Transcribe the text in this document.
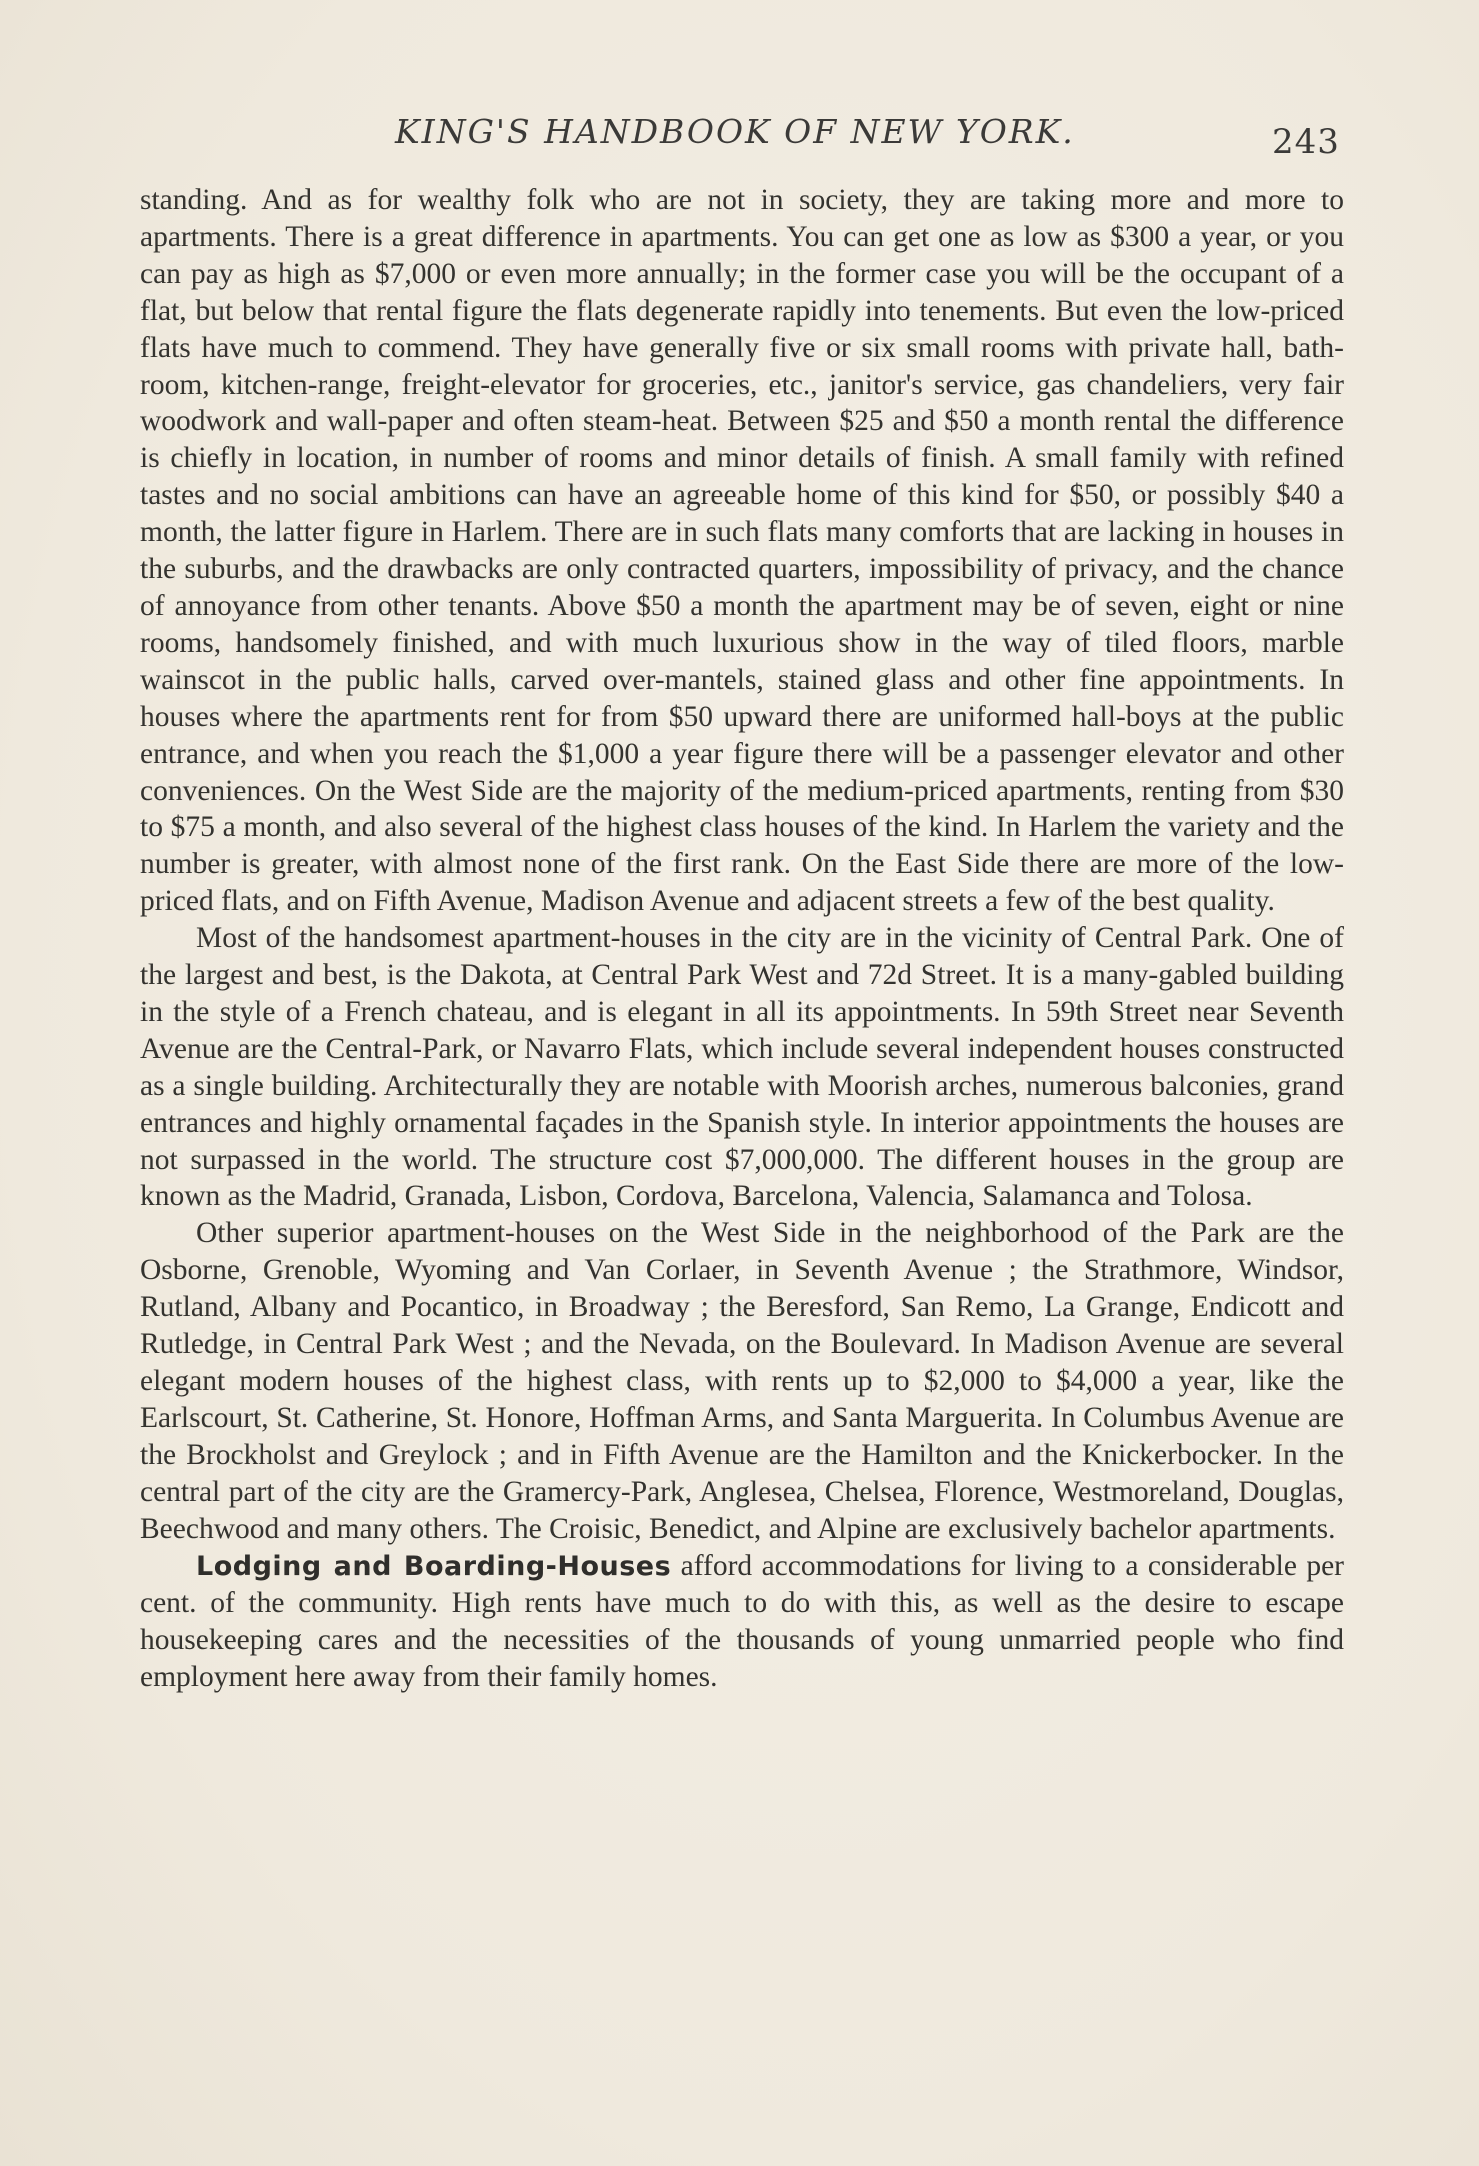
KING'S HANDBOOK OF NEW YORK.	243

standing. And as for wealthy folk who are not in society, they are taking more and more to apartments. There is a great difference in apartments. You can get one as low as $300 a year, or you can pay as high as $7,000 or even more annually; in the former case you will be the occupant of a flat, but below that rental figure the flats degenerate rapidly into tenements. But even the low-priced flats have much to commend. They have generally five or six small rooms with private hall, bath-room, kitchen-range, freight-elevator for groceries, etc., janitor's service, gas chandeliers, very fair woodwork and wall-paper and often steam-heat. Between $25 and $50 a month rental the difference is chiefly in location, in number of rooms and minor details of finish. A small family with refined tastes and no social ambitions can have an agreeable home of this kind for $50, or possibly $40 a month, the latter figure in Harlem. There are in such flats many comforts that are lacking in houses in the suburbs, and the drawbacks are only contracted quarters, impossibility of privacy, and the chance of annoyance from other tenants. Above $50 a month the apartment may be of seven, eight or nine rooms, handsomely finished, and with much luxurious show in the way of tiled floors, marble wainscot in the public halls, carved over-mantels, stained glass and other fine appointments. In houses where the apartments rent for from $50 upward there are uniformed hall-boys at the public entrance, and when you reach the $1,000 a year figure there will be a passenger elevator and other conveniences. On the West Side are the majority of the medium-priced apartments, renting from $30 to $75 a month, and also several of the highest class houses of the kind. In Harlem the variety and the number is greater, with almost none of the first rank. On the East Side there are more of the low-priced flats, and on Fifth Avenue, Madison Avenue and adjacent streets a few of the best quality.

Most of the handsomest apartment-houses in the city are in the vicinity of Central Park. One of the largest and best, is the Dakota, at Central Park West and 72d Street. It is a many-gabled building in the style of a French chateau, and is elegant in all its appointments. In 59th Street near Seventh Avenue are the Central-Park, or Navarro Flats, which include several independent houses constructed as a single building. Architecturally they are notable with Moorish arches, numerous balconies, grand entrances and highly ornamental façades in the Spanish style. In interior appointments the houses are not surpassed in the world. The structure cost $7,000,000. The different houses in the group are known as the Madrid, Granada, Lisbon, Cordova, Barcelona, Valencia, Salamanca and Tolosa.

Other superior apartment-houses on the West Side in the neighborhood of the Park are the Osborne, Grenoble, Wyoming and Van Corlaer, in Seventh Avenue ; the Strathmore, Windsor, Rutland, Albany and Pocantico, in Broadway ; the Beresford, San Remo, La Grange, Endicott and Rutledge, in Central Park West ; and the Nevada, on the Boulevard. In Madison Avenue are several elegant modern houses of the highest class, with rents up to $2,000 to $4,000 a year, like the Earlscourt, St. Catherine, St. Honore, Hoffman Arms, and Santa Marguerita. In Columbus Avenue are the Brockholst and Greylock ; and in Fifth Avenue are the Hamilton and the Knickerbocker. In the central part of the city are the Gramercy-Park, Anglesea, Chelsea, Florence, Westmoreland, Douglas, Beechwood and many others. The Croisic, Benedict, and Alpine are exclusively bachelor apartments.

Lodging and Boarding-Houses afford accommodations for living to a considerable per cent. of the community. High rents have much to do with this, as well as the desire to escape housekeeping cares and the necessities of the thousands of young unmarried people who find employment here away from their family homes.
